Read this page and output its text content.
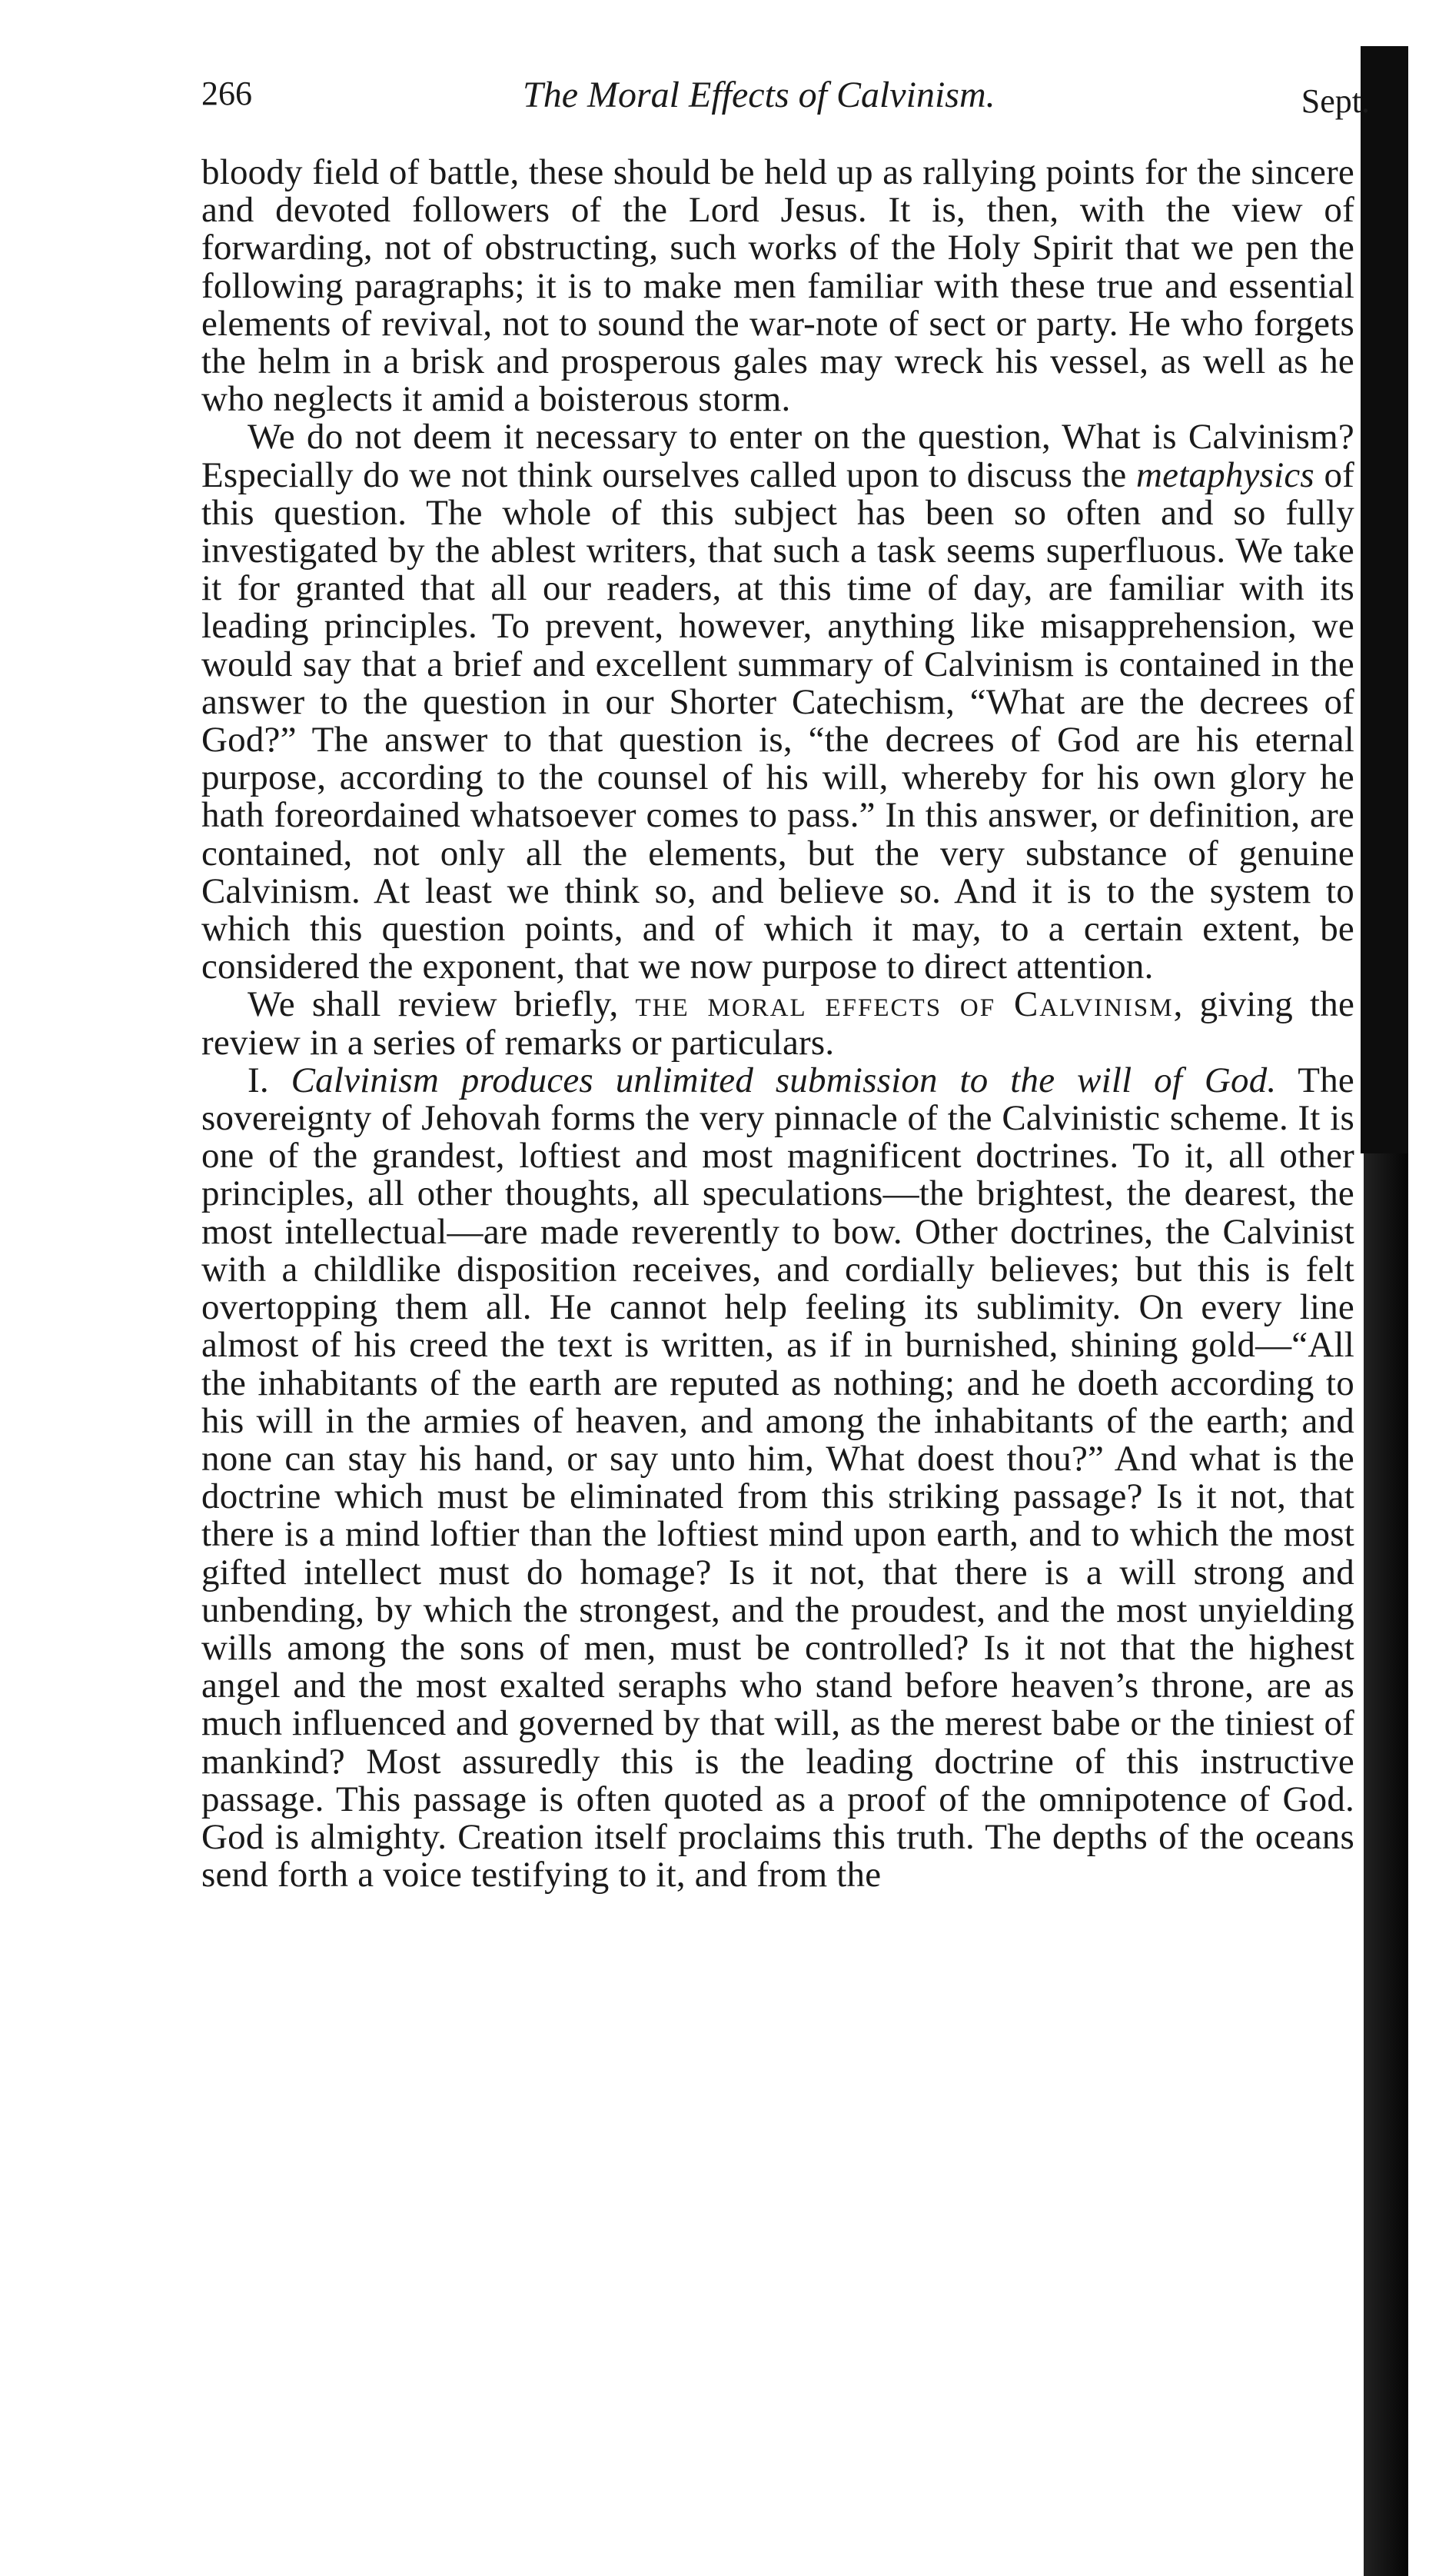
266	The Moral Effects of Calvinism.	Sept.

bloody field of battle, these should be held up as rallying points for the sincere and devoted followers of the Lord Jesus. It is, then, with the view of forwarding, not of obstructing, such works of the Holy Spirit that we pen the following paragraphs; it is to make men familiar with these true and essential elements of revival, not to sound the war-note of sect or party. He who forgets the helm in a brisk and prosperous gales may wreck his vessel, as well as he who neglects it amid a boisterous storm.

We do not deem it necessary to enter on the question, What is Calvinism? Especially do we not think ourselves called upon to discuss the metaphysics of this question. The whole of this subject has been so often and so fully investigated by the ablest writers, that such a task seems superfluous. We take it for granted that all our readers, at this time of day, are familiar with its leading principles. To prevent, however, anything like misapprehension, we would say that a brief and excellent summary of Calvinism is contained in the answer to the question in our Shorter Catechism, “What are the decrees of God?” The answer to that question is, “the decrees of God are his eternal purpose, according to the counsel of his will, whereby for his own glory he hath foreordained whatsoever comes to pass.” In this answer, or definition, are contained, not only all the elements, but the very substance of genuine Calvinism. At least we think so, and believe so. And it is to the system to which this question points, and of which it may, to a certain extent, be considered the exponent, that we now purpose to direct attention.

We shall review briefly, the moral effects of Calvinism, giving the review in a series of remarks or particulars.

I. Calvinism produces unlimited submission to the will of God. The sovereignty of Jehovah forms the very pinnacle of the Calvinistic scheme. It is one of the grandest, loftiest and most magnificent doctrines. To it, all other principles, all other thoughts, all speculations—the brightest, the dearest, the most intellectual—are made reverently to bow. Other doctrines, the Calvinist with a childlike disposition receives, and cordially believes; but this is felt overtopping them all. He cannot help feeling its sublimity. On every line almost of his creed the text is written, as if in burnished, shining gold—“All the inhabitants of the earth are reputed as nothing; and he doeth according to his will in the armies of heaven, and among the inhabitants of the earth; and none can stay his hand, or say unto him, What doest thou?” And what is the doctrine which must be eliminated from this striking passage? Is it not, that there is a mind loftier than the loftiest mind upon earth, and to which the most gifted intellect must do homage? Is it not, that there is a will strong and unbending, by which the strongest, and the proudest, and the most unyielding wills among the sons of men, must be controlled? Is it not that the highest angel and the most exalted seraphs who stand before heaven’s throne, are as much influenced and governed by that will, as the merest babe or the tiniest of mankind? Most assuredly this is the leading doctrine of this instructive passage. This passage is often quoted as a proof of the omnipotence of God. God is almighty. Creation itself proclaims this truth. The depths of the oceans send forth a voice testifying to it, and from the
